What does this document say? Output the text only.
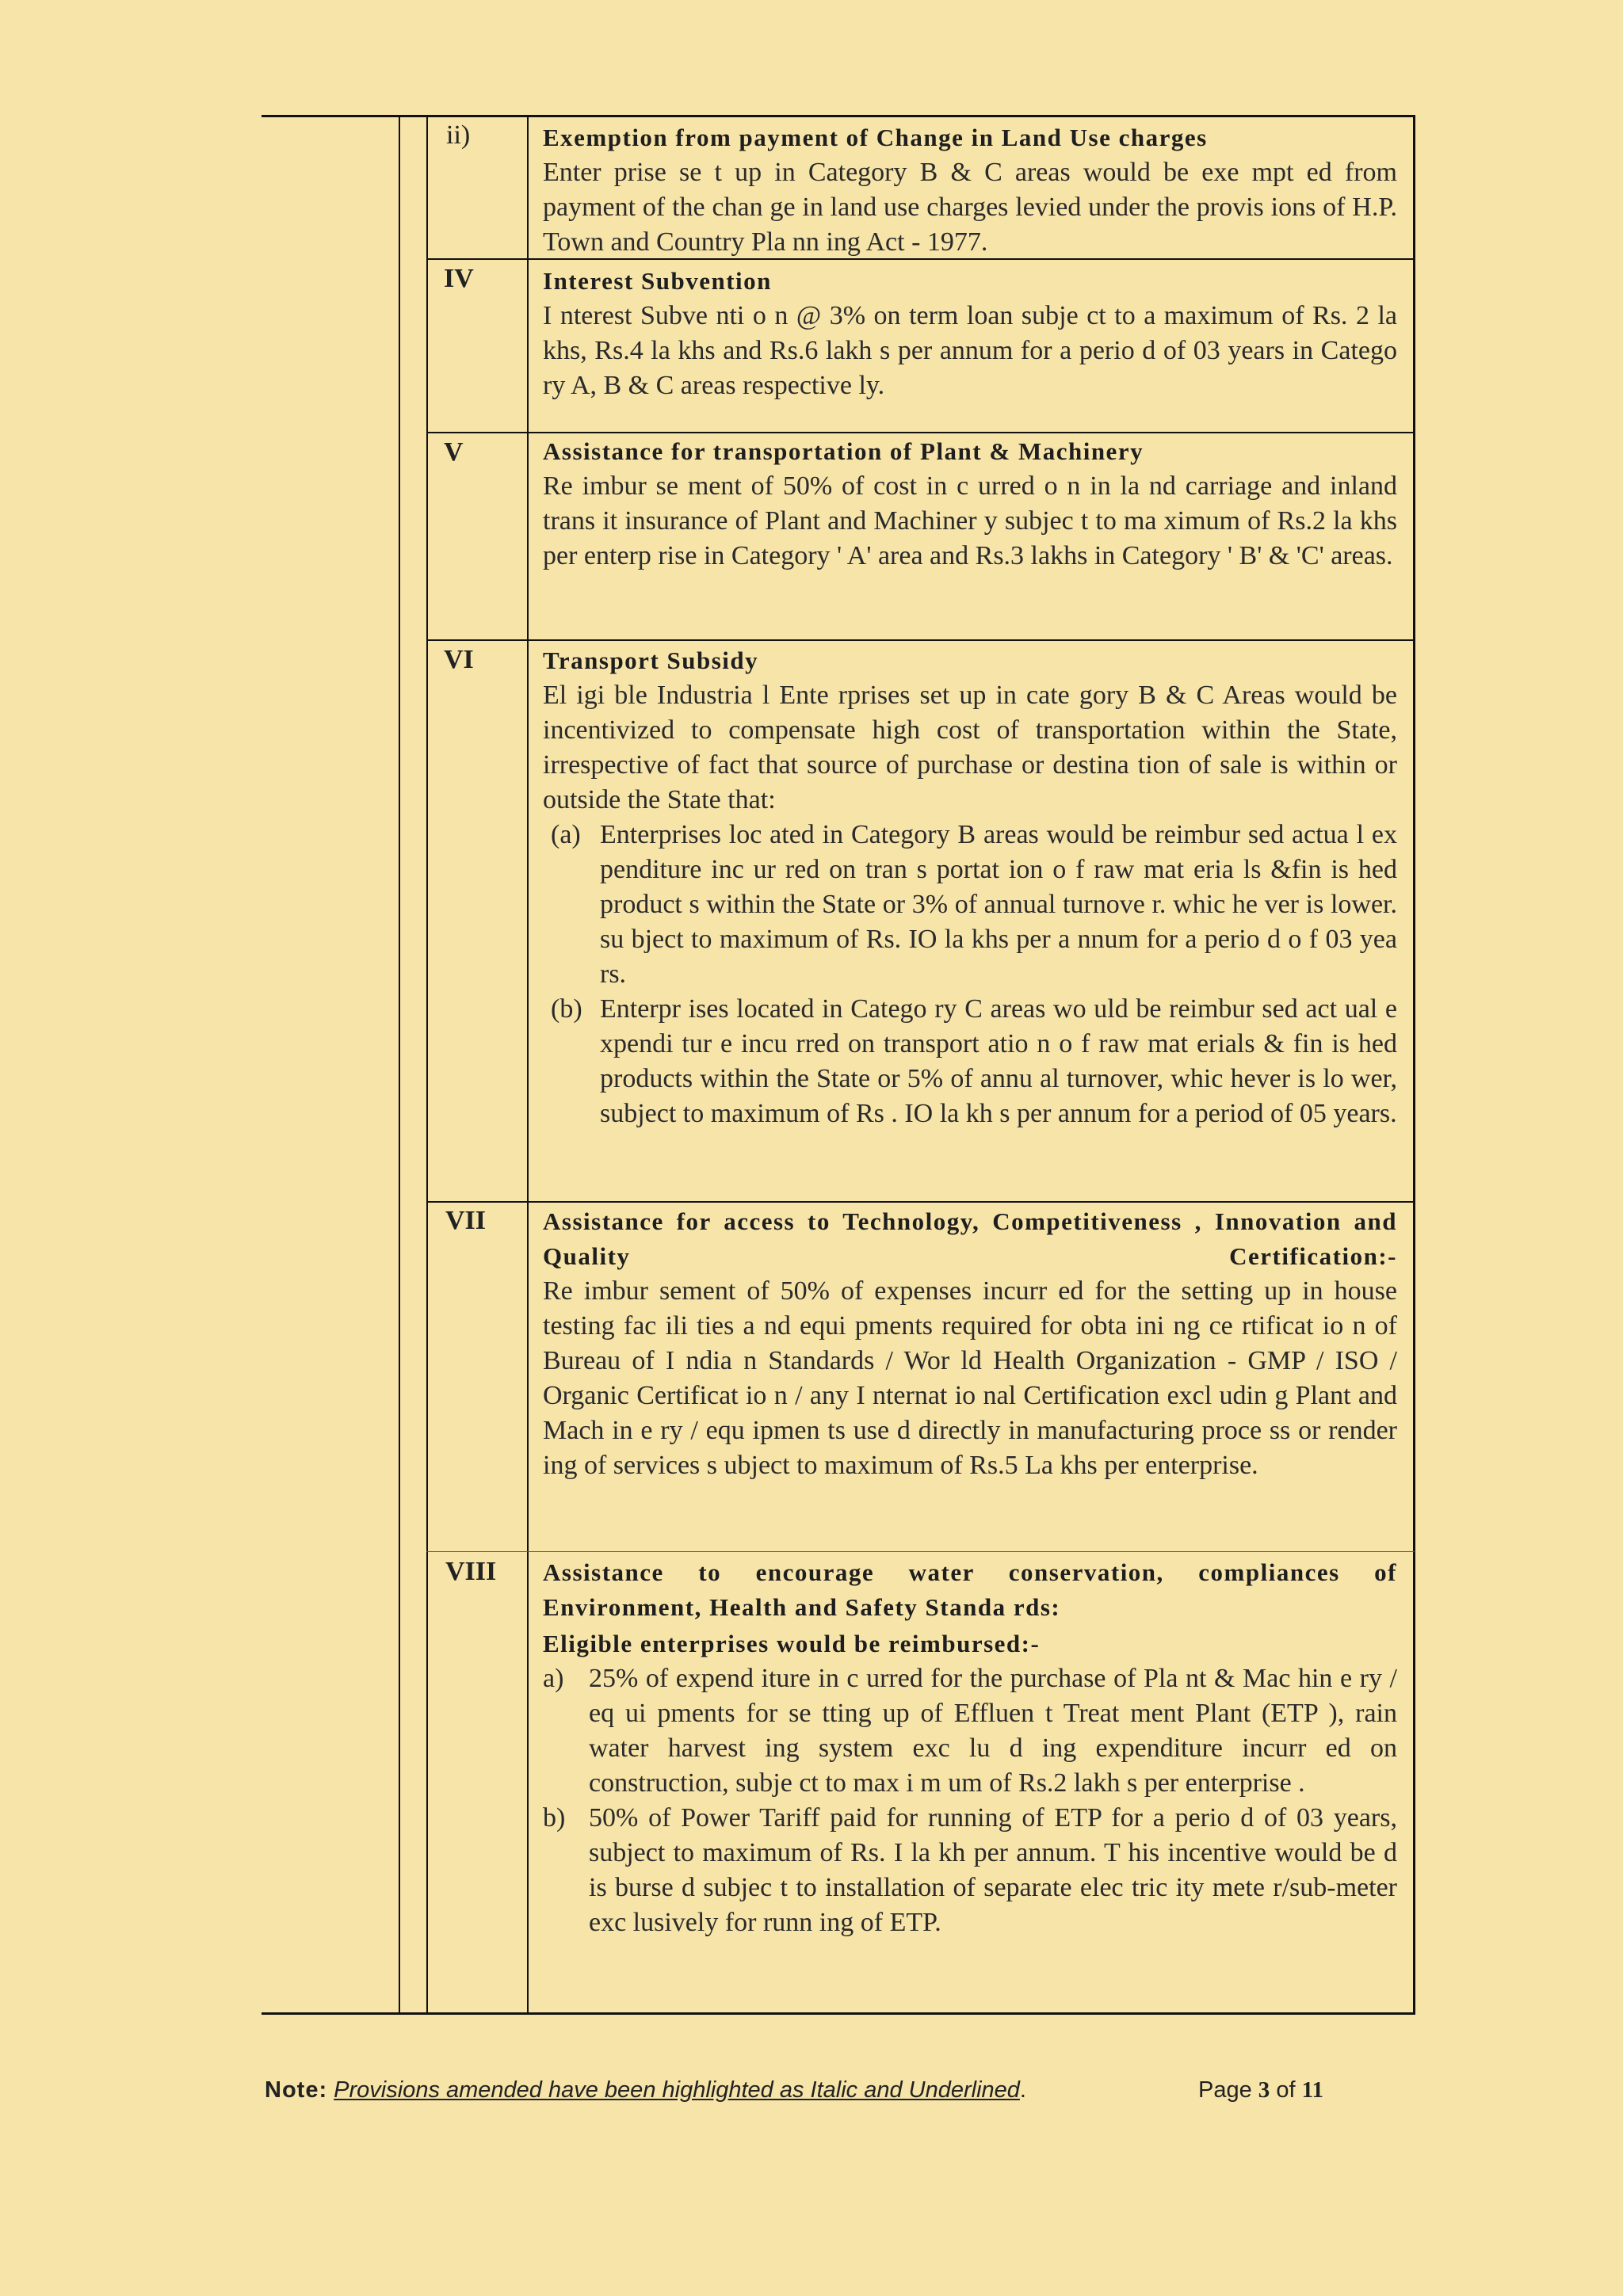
ii)
IV
V
VI
VII
VIII
Exemption from payment of Change in Land Use charges
Enter prise se t up in Category B & C areas would be exe mpt ed from payment of the chan ge in land use charges levied under the provis ions of H.P. Town and Country Pla nn ing Act - 1977.
Interest Subvention
I nterest Subve nti o n @ 3% on term loan subje ct to a maximum of Rs. 2 la khs, Rs.4 la khs and Rs.6 lakh s per annum for a perio d of 03 years in Catego ry A, B & C areas respective ly.
Assistance for transportation of Plant & Machinery
Re imbur se ment of 50% of cost in c urred o n in la nd carriage and inland trans it insurance of Plant and Machiner y subjec t to ma ximum of Rs.2 la khs per enterp rise in Category ' A' area and Rs.3 lakhs in Category ' B' & 'C' areas.
Transport Subsidy
El igi ble Industria l Ente rprises set up in cate gory B & C Areas would be incentivized to compensate high cost of transportation within the State, irrespective of fact that source of purchase or destina tion of sale is within or outside the State that:
(a) Enterprises loc ated in Category B areas would be reimbur sed actua l ex penditure inc ur red on tran s portat ion o f raw mat eria ls &fin is hed product s within the State or 3% of annual turnove r. whic he ver is lower. su bject to maximum of Rs. IO la khs per a nnum for a perio d o f 03 yea rs.
(b) Enterpr ises located in Catego ry C areas wo uld be reimbur sed act ual e xpendi tur e incu rred on transport atio n o f raw mat erials & fin is hed products within the State or 5% of annu al turnover, whic hever is lo wer, subject to maximum of Rs . IO la kh s per annum for a period of 05 years.
Assistance for access to Technology, Competitiveness , Innovation and Quality Certification:-
Re imbur sement of 50% of expenses incurr ed for the setting up in house testing fac ili ties a nd equi pments required for obta ini ng ce rtificat io n of Bureau of I ndia n Standards / Wor ld Health Organization - GMP / ISO / Organic Certificat io n / any I nternat io nal Certification excl udin g Plant and Mach in e ry / equ ipmen ts use d directly in manufacturing proce ss or render ing of services s ubject to maximum of Rs.5 La khs per enterprise.
Assistance to encourage water conservation, compliances of Environment, Health and Safety Standa rds:
Eligible enterprises would be reimbursed:-
a) 25% of expend iture in c urred for the purchase of Pla nt & Mac hin e ry / eq ui pments for se tting up of Effluen t Treat ment Plant (ETP ), rain water harvest ing system exc lu d ing expenditure incurr ed on construction, subje ct to max i m um of Rs.2 lakh s per enterprise .
b) 50% of Power Tariff paid for running of ETP for a perio d of 03 years, subject to maximum of Rs. I la kh per annum. T his incentive would be d is burse d subjec t to installation of separate elec tric ity mete r/sub-meter exc lusively for runn ing of ETP.
Note: Provisions amended have been highlighted as Italic and Underlined.	Page 3 of 11
